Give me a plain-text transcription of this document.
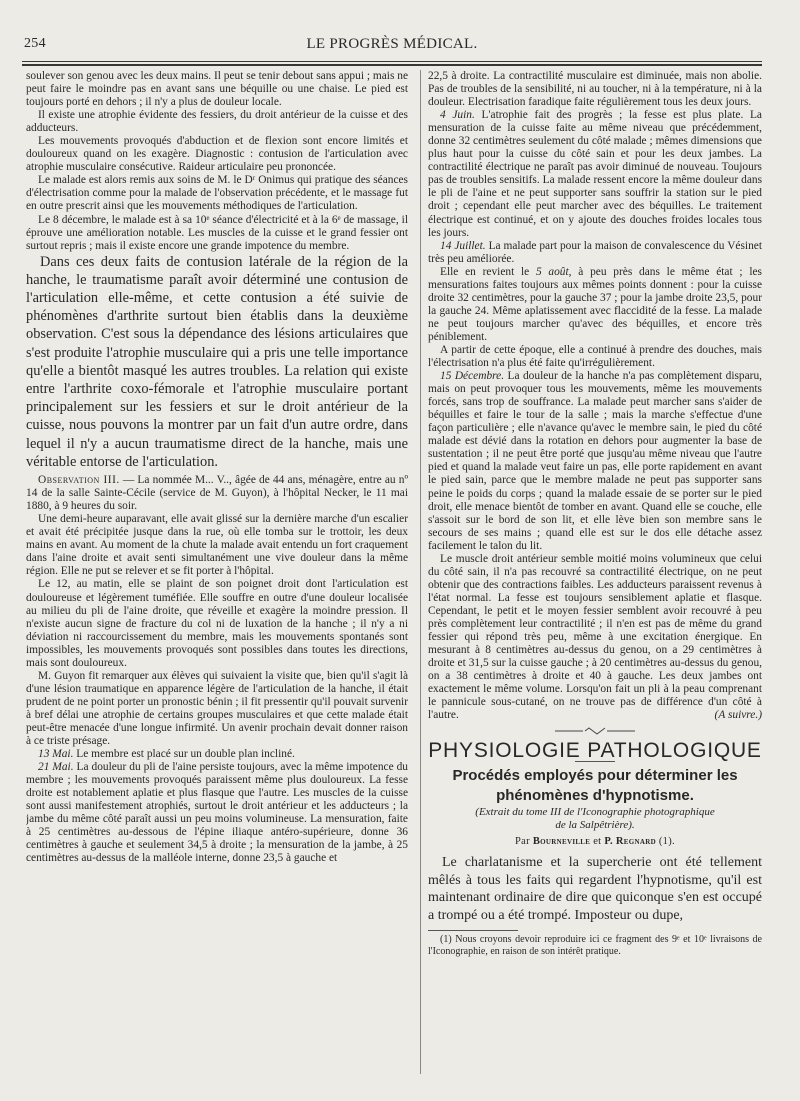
254	LE PROGRÈS MÉDICAL.

soulever son genou avec les deux mains. Il peut se tenir debout sans appui ; mais ne peut faire le moindre pas en avant sans une béquille ou une chaise. Le pied est toujours porté en dehors ; il n'y a plus de douleur locale.

Il existe une atrophie évidente des fessiers, du droit antérieur de la cuisse et des adducteurs.

Les mouvements provoqués d'abduction et de flexion sont encore limités et douloureux quand on les exagère. Diagnostic : contusion de l'articulation avec atrophie musculaire consécutive. Raideur articulaire peu prononcée.

Le malade est alors remis aux soins de M. le Dʳ Onimus qui pratique des séances d'électrisation comme pour la malade de l'observation précédente, et le massage fut en outre prescrit ainsi que les mouvements méthodiques de l'articulation.

Le 8 décembre, le malade est à sa 10ᵉ séance d'électricité et à la 6ᵉ de massage, il éprouve une amélioration notable. Les muscles de la cuisse et le grand fessier ont surtout repris ; mais il existe encore une grande impotence du membre.

Dans ces deux faits de contusion latérale de la région de la hanche, le traumatisme paraît avoir déterminé une contusion de l'articulation elle-même, et cette contusion a été suivie de phénomènes d'arthrite surtout bien établis dans la deuxième observation. C'est sous la dépendance des lésions articulaires que s'est produite l'atrophie musculaire qui a pris une telle importance qu'elle a bientôt masqué les autres troubles. La relation qui existe entre l'arthrite coxo-fémorale et l'atrophie musculaire portant principalement sur les fessiers et sur le droit antérieur de la cuisse, nous pouvons la montrer par un fait d'un autre ordre, dans lequel il n'y a aucun traumatisme direct de la hanche, mais une véritable entorse de l'articulation.

Observation III. — La nommée M... V.., âgée de 44 ans, ménagère, entre au nº 14 de la salle Sainte-Cécile (service de M. Guyon), à l'hôpital Necker, le 11 mai 1880, à 9 heures du soir.

Une demi-heure auparavant, elle avait glissé sur la dernière marche d'un escalier et avait été précipitée jusque dans la rue, où elle tomba sur le trottoir, les deux mains en avant. Au moment de la chute la malade avait entendu un fort craquement dans l'aine droite et avait senti simultanément une vive douleur dans la même région. Elle ne put se relever et se fit porter à l'hôpital.

Le 12, au matin, elle se plaint de son poignet droit dont l'articulation est douloureuse et légèrement tuméfiée. Elle souffre en outre d'une douleur localisée au milieu du pli de l'aine droite, que réveille et exagère la moindre pression. Il n'existe aucun signe de fracture du col ni de luxation de la hanche ; il n'y a ni déviation ni raccourcissement du membre, mais les mouvements spontanés sont impossibles, les mouvements provoqués sont possibles dans toutes les directions, mais sont douloureux.

M. Guyon fit remarquer aux élèves qui suivaient la visite que, bien qu'il s'agit là d'une lésion traumatique en apparence légère de l'articulation de la hanche, il était prudent de ne point porter un pronostic bénin ; il fit pressentir qu'il pouvait survenir à bref délai une atrophie de certains groupes musculaires et que cette malade était peut-être menacée d'une longue infirmité. Un avenir prochain devait donner raison à ce triste présage.

13 Mai. Le membre est placé sur un double plan incliné.

21 Mai. La douleur du pli de l'aine persiste toujours, avec la même impotence du membre ; les mouvements provoqués paraissent même plus douloureux. La fesse droite est notablement aplatie et plus flasque que l'autre. Les muscles de la cuisse sont aussi manifestement atrophiés, surtout le droit antérieur et les adducteurs ; la jambe du même côté paraît aussi un peu moins volumineuse. La mensuration, faite à 25 centimètres au-dessous de l'épine iliaque antéro-supérieure, donne 36 centimètres à gauche et seulement 34,5 à droite ; la mensuration de la jambe, à 25 centimètres au-dessus de la malléole interne, donne 23,5 à gauche et

22,5 à droite. La contractilité musculaire est diminuée, mais non abolie. Pas de troubles de la sensibilité, ni au toucher, ni à la température, ni à la douleur. Electrisation faradique faite régulièrement tous les deux jours.

4 Juin. L'atrophie fait des progrès ; la fesse est plus plate. La mensuration de la cuisse faite au même niveau que précédemment, donne 32 centimètres seulement du côté malade ; mêmes dimensions que plus haut pour la cuisse du côté sain et pour les deux jambes. La contractilité électrique ne paraît pas avoir diminué de nouveau. Toujours pas de troubles sensitifs. La malade ressent encore la même douleur dans le pli de l'aine et ne peut supporter sans souffrir la station sur le pied droit ; cependant elle peut marcher avec des béquilles. Le traitement électrique est continué, et on y ajoute des douches froides locales tous les jours.

14 Juillet. La malade part pour la maison de convalescence du Vésinet très peu améliorée.

Elle en revient le 5 août, à peu près dans le même état ; les mensurations faites toujours aux mêmes points donnent : pour la cuisse droite 32 centimètres, pour la gauche 37 ; pour la jambe droite 23,5, pour la gauche 24. Même aplatissement avec flaccidité de la fesse. La malade ne peut toujours marcher qu'avec des béquilles, et encore très péniblement.

A partir de cette époque, elle a continué à prendre des douches, mais l'électrisation n'a plus été faite qu'irrégulièrement.

15 Décembre. La douleur de la hanche n'a pas complètement disparu, mais on peut provoquer tous les mouvements, même les mouvements forcés, sans trop de souffrance. La malade peut marcher sans s'aider de béquilles et faire le tour de la salle ; mais la marche s'effectue d'une façon particulière ; elle n'avance qu'avec le membre sain, le pied du côté malade est dévié dans la rotation en dehors pour augmenter la base de sustentation ; il ne peut être porté que jusqu'au même niveau que l'autre pied et quand la malade veut faire un pas, elle porte rapidement en avant le pied sain, parce que le membre malade ne peut pas supporter sans peine le poids du corps ; quand la malade essaie de se porter sur le pied droit, elle menace bientôt de tomber en avant. Quand elle se couche, elle s'assoit sur le bord de son lit, et elle lève bien son membre sans le secours de ses mains ; quand elle est sur le dos elle détache assez facilement le talon du lit.

Le muscle droit antérieur semble moitié moins volumineux que celui du côté sain, il n'a pas recouvré sa contractilité électrique, on ne peut obtenir que des contractions faibles. Les adducteurs paraissent revenus à l'état normal. La fesse est toujours sensiblement aplatie et flasque. Cependant, le petit et le moyen fessier semblent avoir recouvré à peu près complètement leur contractilité ; il n'en est pas de même du grand fessier qui répond très peu, même à une excitation énergique. En mesurant à 8 centimètres au-dessus du genou, on a 29 centimètres à droite et 31,5 sur la cuisse gauche ; à 20 centimètres au-dessus du genou, on a 38 centimètres à droite et 40 à gauche. Les deux jambes ont exactement le même volume. Lorsqu'on fait un pli à la peau comprenant le pannicule sous-cutané, on ne trouve pas de différence d'un côté à l'autre.	(A suivre.)

PHYSIOLOGIE PATHOLOGIQUE
Procédés employés pour déterminer les
phénomènes d'hypnotisme.
(Extrait du tome III de l'Iconographie photographique
de la Salpêtrière).
Par Bourneville et P. Regnard (1).

Le charlatanisme et la supercherie ont été tellement mêlés à tous les faits qui regardent l'hypnotisme, qu'il est maintenant ordinaire de dire que quiconque s'en est occupé a trompé ou a été trompé. Imposteur ou dupe,

(1) Nous croyons devoir reproduire ici ce fragment des 9ᵉ et 10ᵉ livraisons de l'Iconographie, en raison de son intérêt pratique.
